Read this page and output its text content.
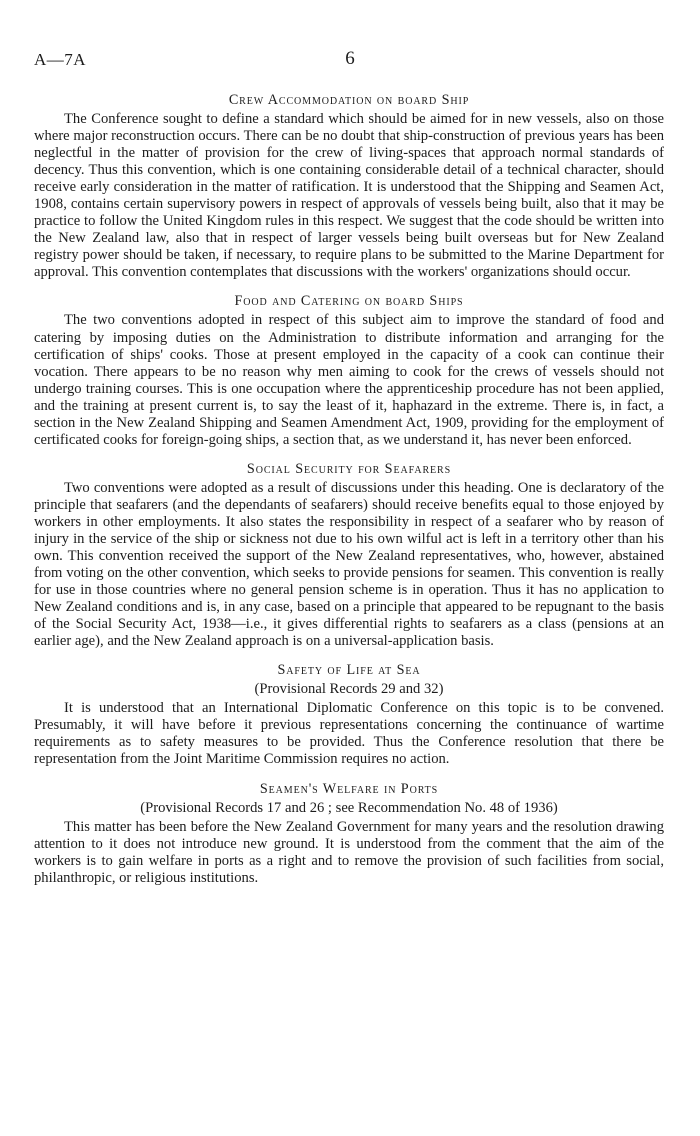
A—7A	6
Crew Accommodation on board Ship

The Conference sought to define a standard which should be aimed for in new vessels, also on those where major reconstruction occurs. There can be no doubt that ship-construction of previous years has been neglectful in the matter of provision for the crew of living-spaces that approach normal standards of decency. Thus this convention, which is one containing considerable detail of a technical character, should receive early consideration in the matter of ratification. It is understood that the Shipping and Seamen Act, 1908, contains certain supervisory powers in respect of approvals of vessels being built, also that it may be practice to follow the United Kingdom rules in this respect. We suggest that the code should be written into the New Zealand law, also that in respect of larger vessels being built overseas but for New Zealand registry power should be taken, if necessary, to require plans to be submitted to the Marine Department for approval. This convention contemplates that discussions with the workers' organizations should occur.

Food and Catering on board Ships

The two conventions adopted in respect of this subject aim to improve the standard of food and catering by imposing duties on the Administration to distribute information and arranging for the certification of ships' cooks. Those at present employed in the capacity of a cook can continue their vocation. There appears to be no reason why men aiming to cook for the crews of vessels should not undergo training courses. This is one occupation where the apprenticeship procedure has not been applied, and the training at present current is, to say the least of it, haphazard in the extreme. There is, in fact, a section in the New Zealand Shipping and Seamen Amendment Act, 1909, providing for the employment of certificated cooks for foreign-going ships, a section that, as we understand it, has never been enforced.

Social Security for Seafarers

Two conventions were adopted as a result of discussions under this heading. One is declaratory of the principle that seafarers (and the dependants of seafarers) should receive benefits equal to those enjoyed by workers in other employments. It also states the responsibility in respect of a seafarer who by reason of injury in the service of the ship or sickness not due to his own wilful act is left in a territory other than his own. This convention received the support of the New Zealand representatives, who, however, abstained from voting on the other convention, which seeks to provide pensions for seamen. This convention is really for use in those countries where no general pension scheme is in operation. Thus it has no application to New Zealand conditions and is, in any case, based on a principle that appeared to be repugnant to the basis of the Social Security Act, 1938—i.e., it gives differential rights to seafarers as a class (pensions at an earlier age), and the New Zealand approach is on a universal-application basis.

Safety of Life at Sea
(Provisional Records 29 and 32)

It is understood that an International Diplomatic Conference on this topic is to be convened. Presumably, it will have before it previous representations concerning the continuance of wartime requirements as to safety measures to be provided. Thus the Conference resolution that there be representation from the Joint Maritime Commission requires no action.

Seamen's Welfare in Ports
(Provisional Records 17 and 26 ; see Recommendation No. 48 of 1936)

This matter has been before the New Zealand Government for many years and the resolution drawing attention to it does not introduce new ground. It is understood from the comment that the aim of the workers is to gain welfare in ports as a right and to remove the provision of such facilities from social, philanthropic, or religious institutions.
